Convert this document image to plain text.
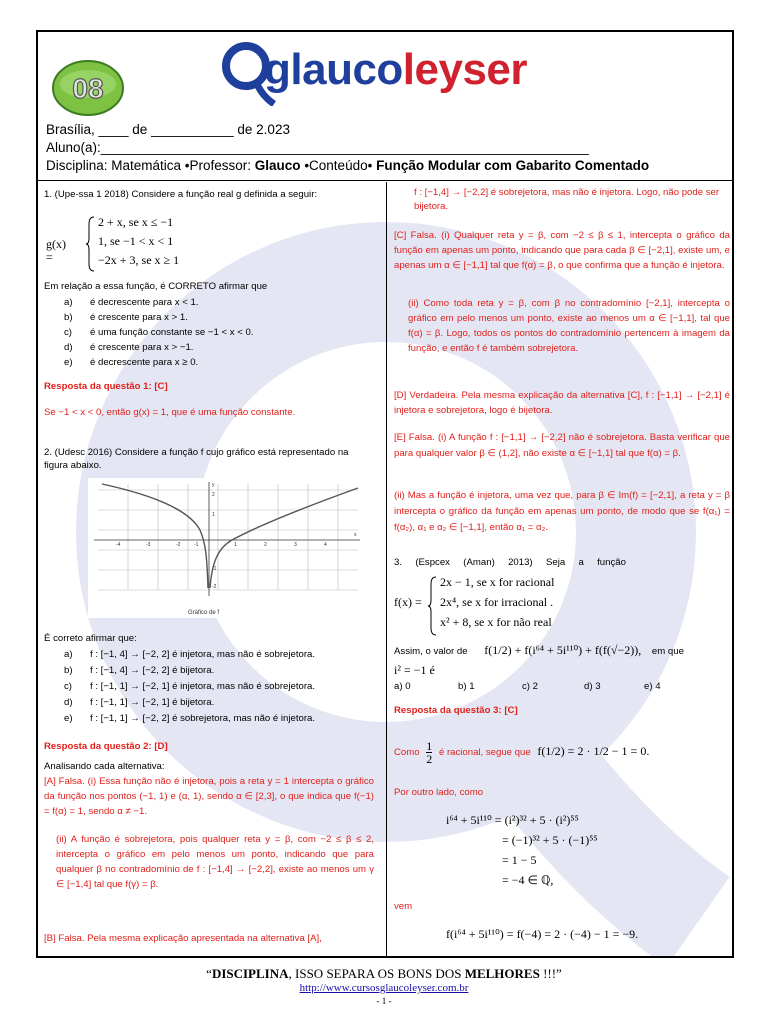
08	glaucoleyser
Brasília, ____ de ___________ de 2.023
Aluno(a):_________________________________________________________________
Disciplina: Matemática •Professor: Glauco •Conteúdo• Função Modular com Gabarito Comentado
1. (Upe-ssa 1 2018) Considere a função real g definida a seguir:
g(x) =
2 + x, se x ≤ −1
1, se −1 < x < 1
−2x + 3, se x ≥ 1
Em relação a essa função, é CORRETO afirmar que
a)	é decrescente para x < 1.
b)	é crescente para x > 1.
c)	é uma função constante se −1 < x < 0.
d)	é crescente para x > −1.
e)	é decrescente para x ≥ 0.
Resposta da questão 1: [C]
Se −1 < x < 0, então g(x) = 1, que é uma função constante.
2. (Udesc 2016) Considere a função f cujo gráfico está representado na figura abaixo.
-4	-3	-2	-1	1	2	3	4
2
1
-1
-2
y
x
Gráfico de f
É correto afirmar que:
a)	f : [−1, 4] → [−2, 2] é injetora, mas não é sobrejetora.
b)	f : [−1, 4] → [−2, 2] é bijetora.
c)	f : [−1, 1] → [−2, 1] é injetora, mas não é sobrejetora.
d)	f : [−1, 1] → [−2, 1] é bijetora.
e)	f : [−1, 1] → [−2, 2] é sobrejetora, mas não é injetora.
Resposta da questão 2: [D]
Analisando cada alternativa:
[A] Falsa. (i) Essa função não é injetora, pois a reta y = 1 intercepta o gráfico da função nos pontos (−1, 1) e (α, 1), sendo α ∈ [2,3], o que indica que f(−1) = f(α) = 1, sendo α ≠ −1.
(ii) A função é sobrejetora, pois qualquer reta y = β, com −2 ≤ β ≤ 2, intercepta o gráfico em pelo menos um ponto, indicando que para qualquer β no contradomínio de f : [−1,4] → [−2,2], existe ao menos um γ ∈ [−1,4] tal que f(γ) = β.
[B] Falsa. Pela mesma explicação apresentada na alternativa [A],
f : [−1,4] → [−2,2] é sobrejetora, mas não é injetora. Logo, não pode ser bijetora.
[C] Falsa. (i) Qualquer reta y = β, com −2 ≤ β ≤ 1, intercepta o gráfico da função em apenas um ponto, indicando que para cada β ∈ [−2,1], existe um, e apenas um α ∈ [−1,1] tal que f(α) = β, o que confirma que a função é injetora.
(ii) Como toda reta y = β, com β no contradomínio [−2,1], intercepta o gráfico em pelo menos um ponto, existe ao menos um α ∈ [−1,1], tal que f(α) = β. Logo, todos os pontos do contradomínio pertencem à imagem da função, e então f é também sobrejetora.
[D] Verdadeira. Pela mesma explicação da alternativa [C], f : [−1,1] → [−2,1] é injetora e sobrejetora, logo é bijetora.
[E] Falsa. (i) A função f : [−1,1] → [−2,2] não é sobrejetora. Basta verificar que para qualquer valor β ∈ (1,2], não existe α ∈ [−1,1] tal que f(α) = β.
(ii) Mas a função é injetora, uma vez que, para β ∈ Im(f) = [−2,1], a reta y = β intercepta o gráfico da função em apenas um ponto, de modo que se f(α₁) = f(α₂), α₁ e α₂ ∈ [−1,1], então α₁ = α₂.
3.     (Espcex     (Aman)     2013)     Seja     a     função
f(x) =
2x − 1, se x for racional
2x⁴, se x for irracional .
x² + 8, se x for não real
Assim, o valor de f(1/2) + f(i⁶⁴ + 5i¹¹⁰) + f(f(√−2)), em que
i² = −1 é
a) 0	b) 1	c) 2	d) 3	e) 4
Resposta da questão 3: [C]
Como $\frac{1}{2}$ é racional, segue que f(1/2) = 2 · 1/2 − 1 = 0.
Por outro lado, como
i⁶⁴ + 5i¹¹⁰ = (i²)³² + 5 · (i²)⁵⁵
= (−1)³² + 5 · (−1)⁵⁵
= 1 − 5
= −4 ∈ ℚ,
vem
f(i⁶⁴ + 5i¹¹⁰) = f(−4) = 2 · (−4) − 1 = −9.
“DISCIPLINA, ISSO SEPARA OS BONS DOS MELHORES !!!”
http://www.cursosglaucoleyser.com.br
- 1 -
